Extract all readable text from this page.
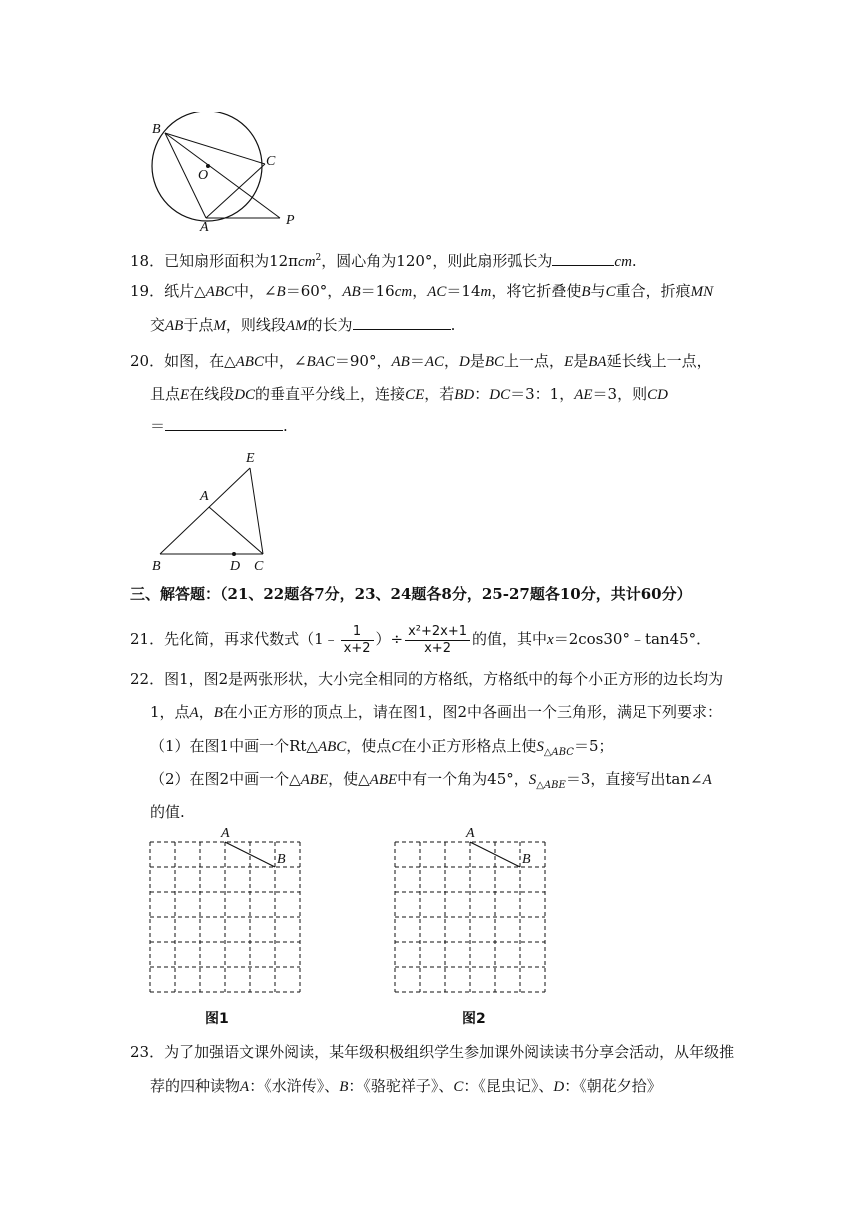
B
C
O
A	P
18．已知扇形面积为12πcm$^2$，圆心角为120°，则此扇形弧长为	cm.
19．纸片△ABC中，∠B＝60°，AB＝16cm，AC＝14m，将它折叠使B与C重合，折痕MN
交AB于点M，则线段AM的长为	.
20．如图，在△ABC中，∠BAC＝90°，AB＝AC，D是BC上一点，E是BA延长线上一点，
且点E在线段DC的垂直平分线上，连接CE，若BD：DC＝3：1，AE＝3，则CD
＝	.
E
A
B	D C
三、解答题：（21、22题各7分，23、24题各8分，25-27题各10分，共计60分）
21．先化简，再求代数式（1﹣ $\frac{1}{x+2}$ ）÷ $\frac{\text{x²+2x+1}}{x+2}$ 的值，其中x＝2cos30°﹣tan45°．
22．图1，图2是两张形状，大小完全相同的方格纸，方格纸中的每个小正方形的边长均为
1，点A，B在小正方形的顶点上，请在图1，图2中各画出一个三角形，满足下列要求：
（1）在图1中画一个Rt△ABC，使点C在小正方形格点上使$S_{\triangle ABC}=5$；
（2）在图2中画一个△ABE，使△ABE中有一个角为45°，$S_{\triangle ABE}=3$，直接写出tan∠A
的值.
A
B
图1
A
B
图2
23．为了加强语文课外阅读，某年级积极组织学生参加课外阅读读书分享会活动，从年级推
荐的四种读物A：《水浒传》、B：《骆驼祥子》、C：《昆虫记》、D：《朝花夕拾》
